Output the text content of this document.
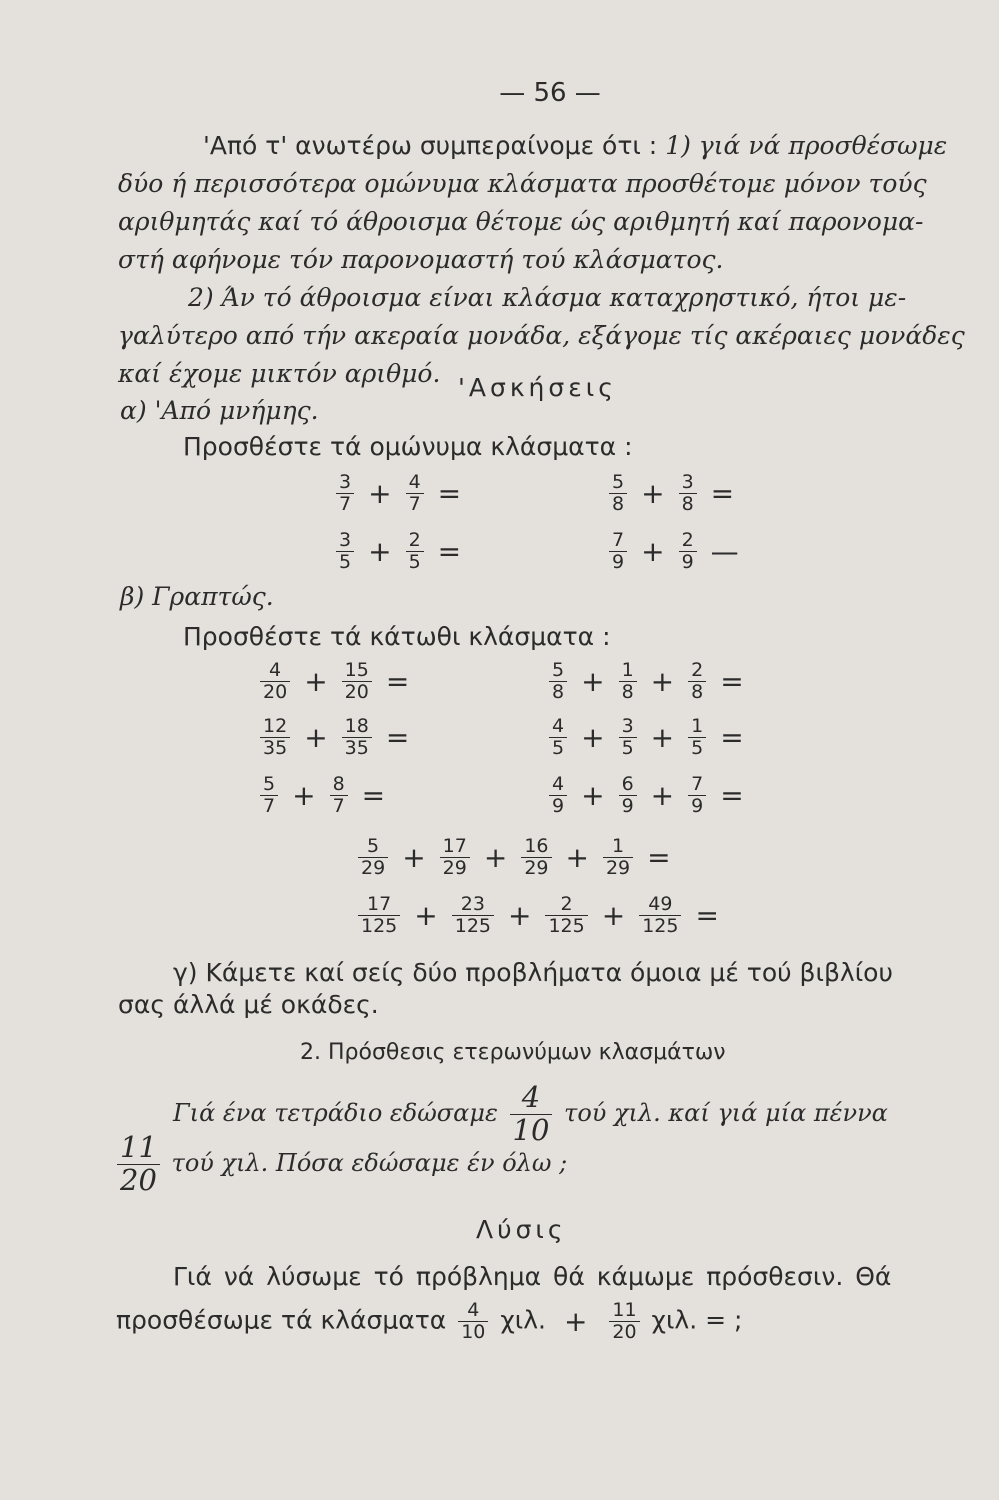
— 56 —
'Από τ' ανωτέρω συμπεραίνομε ότι : 1) γιά νά προσθέσωμε
δύο ή περισσότερα ομώνυμα κλάσματα προσθέτομε μόνον τούς
αριθμητάς καί τό άθροισμα θέτομε ώς αριθμητή καί παρονομα-
στή αφήνομε τόν παρονομαστή τού κλάσματος.
2) Άν τό άθροισμα είναι κλάσμα καταχρηστικό, ήτοι με-
γαλύτερο από τήν ακεραία μονάδα, εξάγομε τίς ακέραιες μονάδες
καί έχομε μικτόν αριθμό. 'Ασκήσεις
α) 'Από μνήμης.
Προσθέστε τά ομώνυμα κλάσματα :
β) Γραπτώς.
Προσθέστε τά κάτωθι κλάσματα :
γ) Κάμετε καί σείς δύο προβλήματα όμοια μέ τού βιβλίου
σας άλλά μέ οκάδες.
2. Πρόσθεσις ετερωνύμων κλασμάτων
Γιά ένα τετράδιο εδώσαμε $\frac{4}{10}$ τού χιλ. καί γιά μία πέννα
$\frac{11}{20}$ τού χιλ. Πόσα εδώσαμε έν όλω ;
Λύσις
Γιά νά λύσωμε τό πρόβλημα θά κάμωμε πρόσθεσιν. Θά
προσθέσωμε τά κλάσματα $\frac{4}{10} \chi\iota\lambda$. + $\frac{11}{20} \chi\iota\lambda$. = ;
$\frac{3}{7} + \frac{4}{7}$ =	$\frac{5}{8} + \frac{3}{8}$ =
$\frac{3}{5} + \frac{2}{5}$ =	$\frac{7}{9} + \frac{2}{9}$ —
$\frac{4}{20} + \frac{15}{20}$ =
$\frac{12}{35} + \frac{18}{35}$ =
$\frac{5}{7} + \frac{8}{7}$ =
$\frac{5}{8} + \frac{1}{8} + \frac{2}{8}$ =
$\frac{4}{5} + \frac{3}{5} + \frac{1}{5}$ =
$\frac{4}{9} + \frac{6}{9} + \frac{7}{9}$ =
$\frac{5}{29} + \frac{17}{29} + \frac{16}{29} + \frac{1}{29}$ =
$\frac{17}{125} + \frac{23}{125} + \frac{2}{125} + \frac{49}{125}$ =
